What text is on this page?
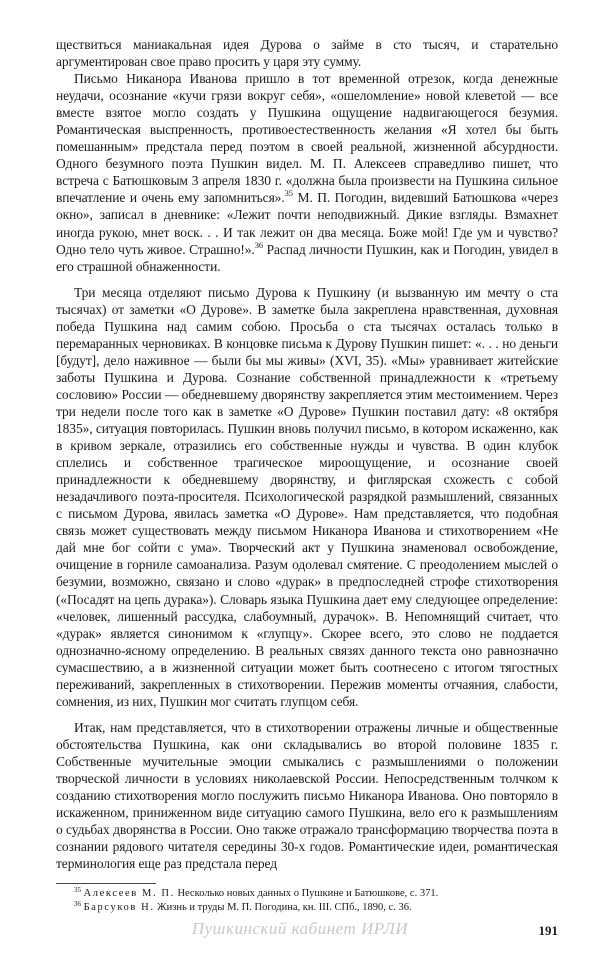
ществиться маниакальная идея Дурова о займе в сто тысяч, и старательно аргументирован свое право просить у царя эту сумму.

Письмо Никанора Иванова пришло в тот временной отрезок, когда денежные неудачи, осознание «кучи грязи вокруг себя», «ошеломление» новой клеветой — все вместе взятое могло создать у Пушкина ощущение надвигающегося безумия. Романтическая выспренность, противоестественность желания «Я хотел бы быть помешанным» предстала перед поэтом в своей реальной, жизненной абсурдности. Одного безумного поэта Пушкин видел. М. П. Алексеев справедливо пишет, что встреча с Батюшковым 3 апреля 1830 г. «должна была произвести на Пушкина сильное впечатление и очень ему запомниться».$^{35}$ М. П. Погодин, видевший Батюшкова «через окно», записал в дневнике: «Лежит почти неподвижный. Дикие взгляды. Взмахнет иногда рукою, мнет воск. . . И так лежит он два месяца. Боже мой! Где ум и чувство? Одно тело чуть живое. Страшно!».$^{36}$ Распад личности Пушкин, как и Погодин, увидел в его страшной обнаженности.

Три месяца отделяют письмо Дурова к Пушкину (и вызванную им мечту о ста тысячах) от заметки «О Дурове». В заметке была закреплена нравственная, духовная победа Пушкина над самим собою. Просьба о ста тысячах осталась только в перемаранных черновиках. В концовке письма к Дурову Пушкин пишет: «. . . но деньги [будут], дело наживное — были бы мы живы» (XVI, 35). «Мы» уравнивает житейские заботы Пушкина и Дурова. Сознание собственной принадлежности к «третьему сословию» России — обедневшему дворянству закрепляется этим местоимением. Через три недели после того как в заметке «О Дурове» Пушкин поставил дату: «8 октября 1835», ситуация повторилась. Пушкин вновь получил письмо, в котором искаженно, как в кривом зеркале, отразились его собственные нужды и чувства. В один клубок сплелись и собственное трагическое мироощущение, и осознание своей принадлежности к обедневшему дворянству, и фиглярская схожесть с собой незадачливого поэта-просителя. Психологической разрядкой размышлений, связанных с письмом Дурова, явилась заметка «О Дурове». Нам представляется, что подобная связь может существовать между письмом Никанора Иванова и стихотворением «Не дай мне бог сойти с ума». Творческий акт у Пушкина знаменовал освобождение, очищение в горниле самоанализа. Разум одолевал смятение. С преодолением мыслей о безумии, возможно, связано и слово «дурак» в предпоследней строфе стихотворения («Посадят на цепь дурака»). Словарь языка Пушкина дает ему следующее определение: «человек, лишенный рассудка, слабоумный, дурачок». В. Непомнящий считает, что «дурак» является синонимом к «глупцу». Скорее всего, это слово не поддается однозначно-ясному определению. В реальных связях данного текста оно равнозначно сумасшествию, а в жизненной ситуации может быть соотнесено с итогом тягостных переживаний, закрепленных в стихотворении. Пережив моменты отчаяния, слабости, сомнения, из них, Пушкин мог считать глупцом себя.

Итак, нам представляется, что в стихотворении отражены личные и общественные обстоятельства Пушкина, как они складывались во второй половине 1835 г. Собственные мучительные эмоции смыкались с размышлениями о положении творческой личности в условиях николаевской России. Непосредственным толчком к созданию стихотворения могло послужить письмо Никанора Иванова. Оно повторяло в искаженном, приниженном виде ситуацию самого Пушкина, вело его к размышлениям о судьбах дворянства в России. Оно также отражало трансформацию творчества поэта в сознании рядового читателя середины 30-х годов. Романтические идеи, романтическая терминология еще раз предстала перед

$^{35}$ Алексеев М. П. Несколько новых данных о Пушкине и Батюшкове, с. 371.

$^{36}$ Барсуков Н. Жизнь и труды М. П. Погодина, кн. III. СПб., 1890, с. 36.

Пушкинский кабинет ИРЛИ	191
